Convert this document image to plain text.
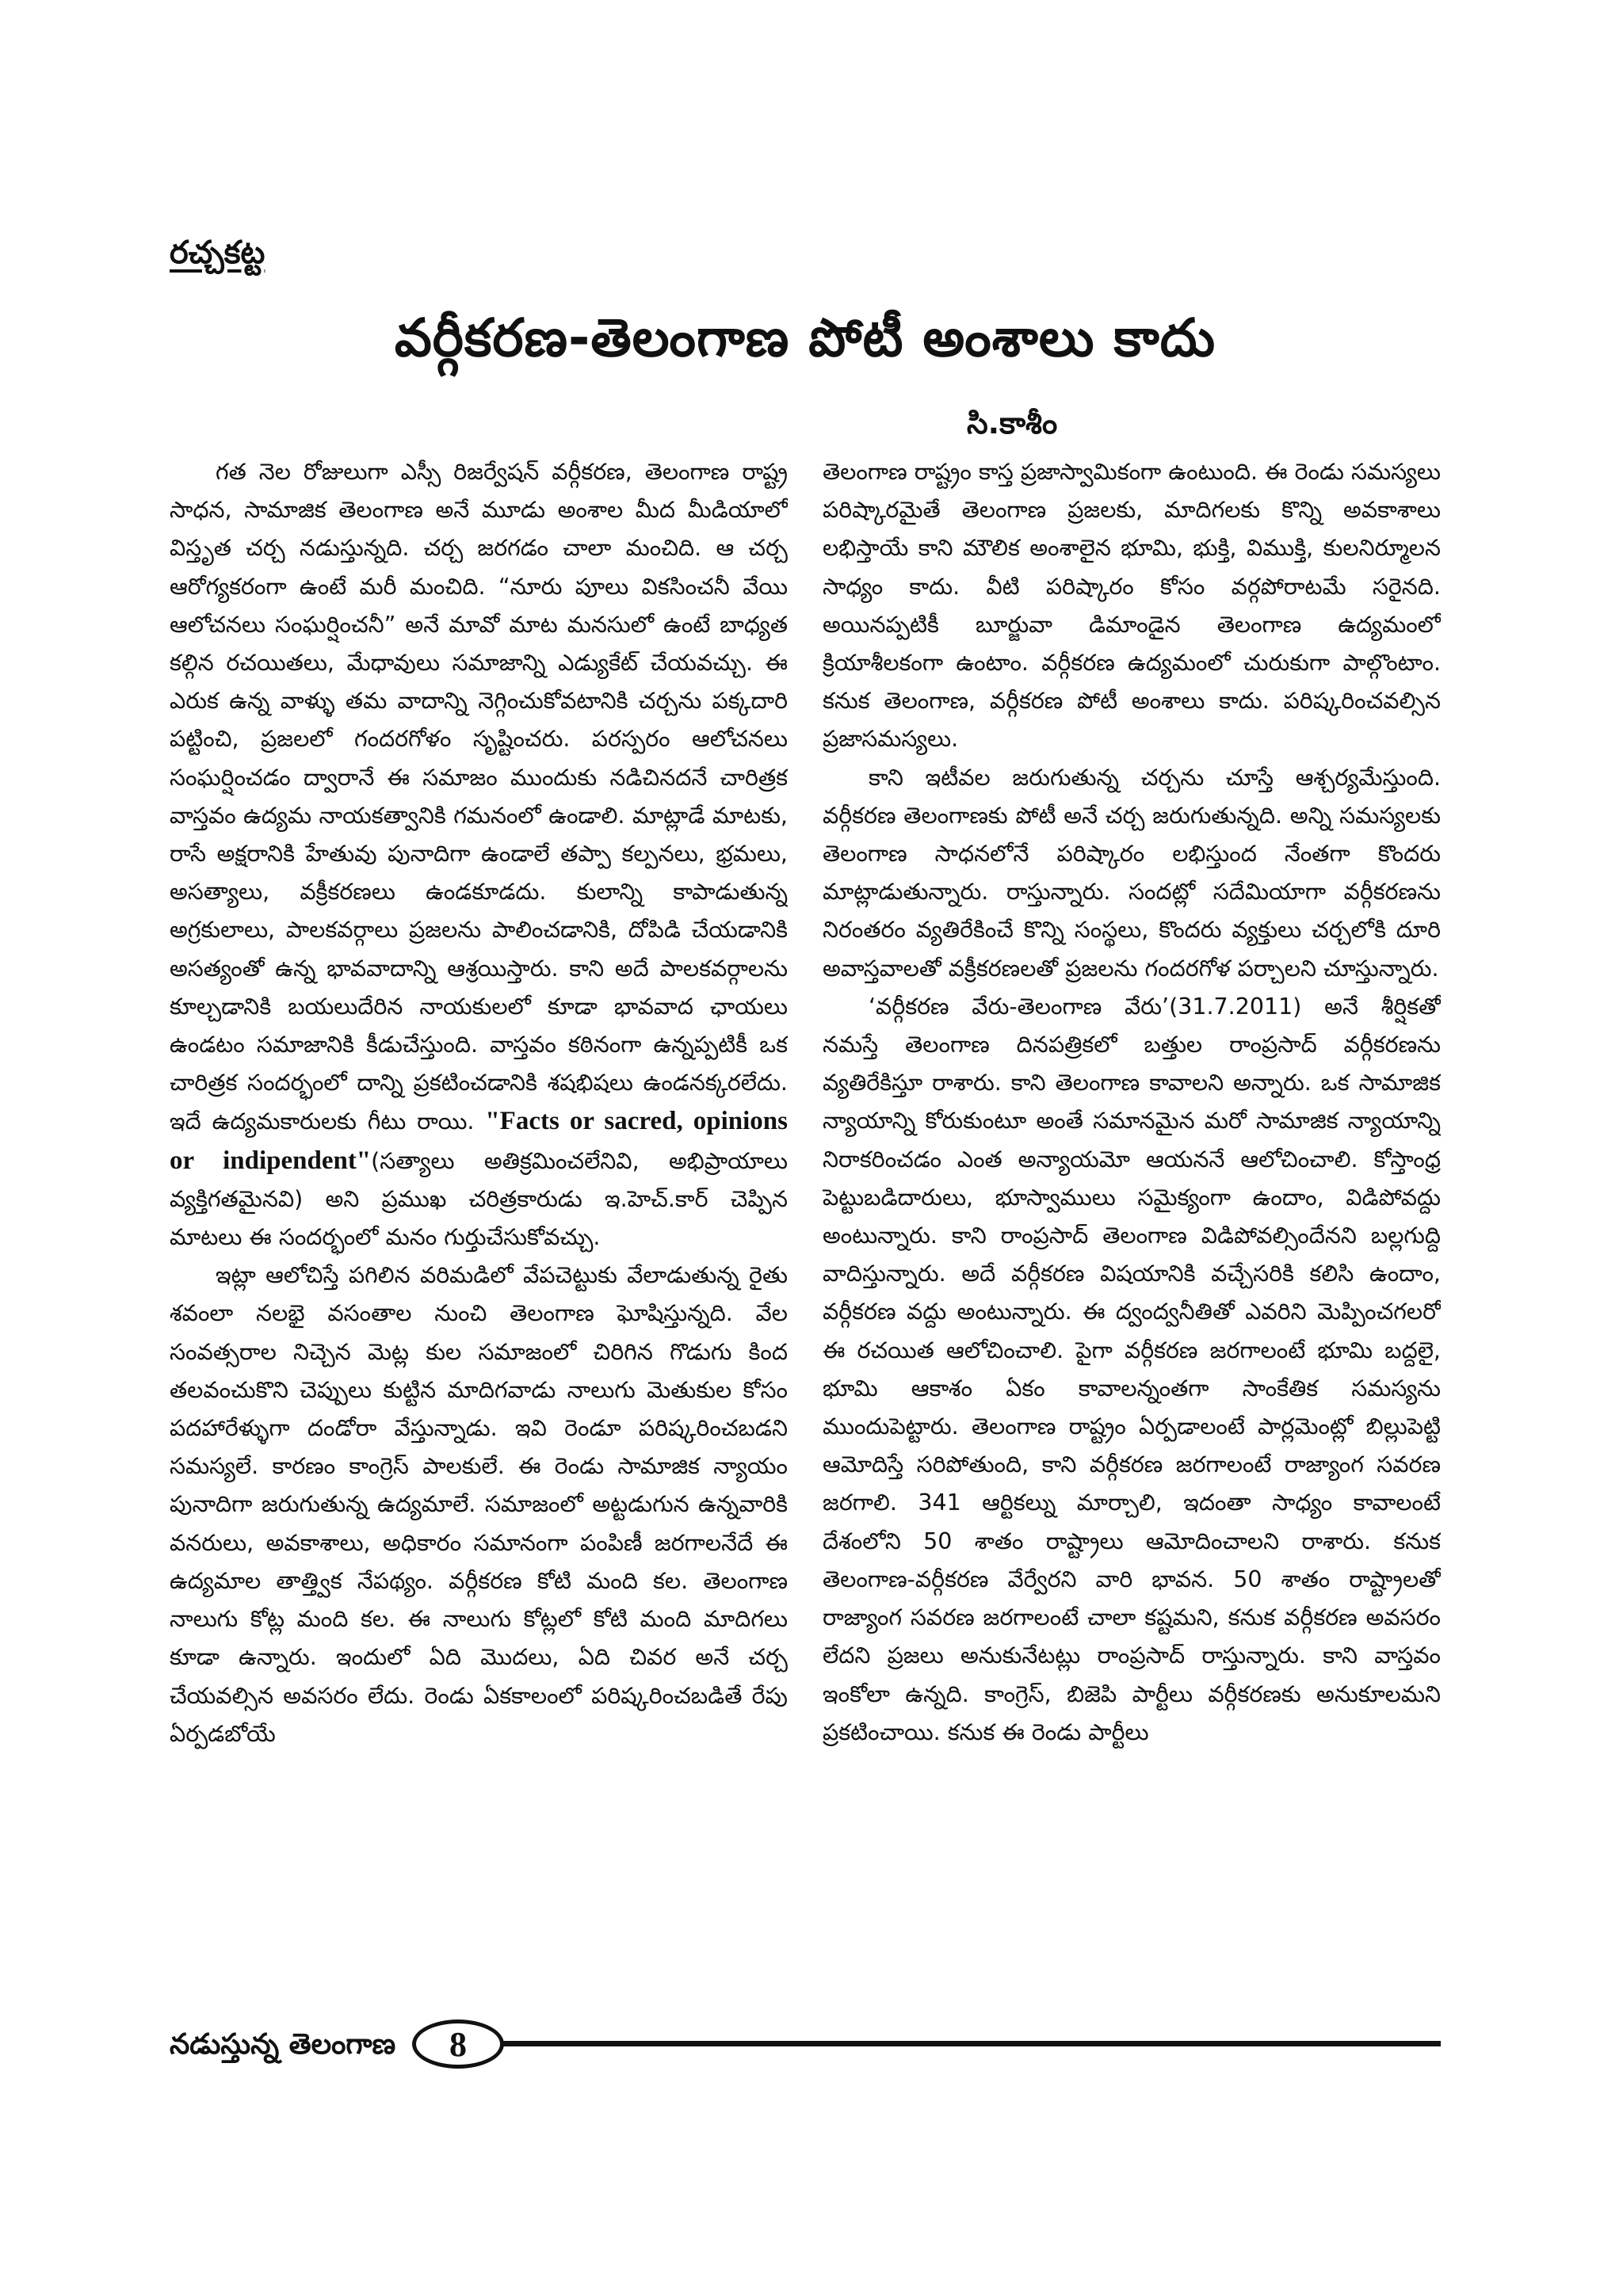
రచ్చకట్ట
వర్గీకరణ-తెలంగాణ పోటీ అంశాలు కాదు
సి.కాశీం

గత నెల రోజులుగా ఎస్సీ రిజర్వేషన్ వర్గీకరణ, తెలంగాణ రాష్ట్ర సాధన, సామాజిక తెలంగాణ అనే మూడు అంశాల మీద మీడియాలో విస్తృత చర్చ నడుస్తున్నది. చర్చ జరగడం చాలా మంచిది. ఆ చర్చ ఆరోగ్యకరంగా ఉంటే మరీ మంచిది. “నూరు పూలు వికసించనీ వేయి ఆలోచనలు సంఘర్షించనీ” అనే మావో మాట మనసులో ఉంటే బాధ్యత కల్గిన రచయితలు, మేధావులు సమాజాన్ని ఎడ్యుకేట్ చేయవచ్చు. ఈ ఎరుక ఉన్న వాళ్ళు తమ వాదాన్ని నెగ్గించుకోవటానికి చర్చను పక్కదారి పట్టించి, ప్రజలలో గందరగోళం సృష్టించరు. పరస్పరం ఆలోచనలు సంఘర్షించడం ద్వారానే ఈ సమాజం ముందుకు నడిచినదనే చారిత్రక వాస్తవం ఉద్యమ నాయకత్వానికి గమనంలో ఉండాలి. మాట్లాడే మాటకు, రాసే అక్షరానికి హేతువు పునాదిగా ఉండాలే తప్పా కల్పనలు, భ్రమలు, అసత్యాలు, వక్రీకరణలు ఉండకూడదు. కులాన్ని కాపాడుతున్న అగ్రకులాలు, పాలకవర్గాలు ప్రజలను పాలించడానికి, దోపిడి చేయడానికి అసత్యంతో ఉన్న భావవాదాన్ని ఆశ్రయిస్తారు. కాని అదే పాలకవర్గాలను కూల్చడానికి బయలుదేరిన నాయకులలో కూడా భావవాద ఛాయలు ఉండటం సమాజానికి కీడుచేస్తుంది. వాస్తవం కఠినంగా ఉన్నప్పటికీ ఒక చారిత్రక సందర్భంలో దాన్ని ప్రకటించడానికి శషభిషలు ఉండనక్కరలేదు. ఇదే ఉద్యమకారులకు గీటు రాయి. "Facts or sacred, opinions or indipendent"(సత్యాలు అతిక్రమించలేనివి, అభిప్రాయాలు వ్యక్తిగతమైనవి) అని ప్రముఖ చరిత్రకారుడు ఇ.హెచ్.కార్ చెప్పిన మాటలు ఈ సందర్భంలో మనం గుర్తుచేసుకోవచ్చు.

ఇట్లా ఆలోచిస్తే పగిలిన వరిమడిలో వేపచెట్టుకు వేలాడుతున్న రైతు శవంలా నలభై వసంతాల నుంచి తెలంగాణ ఘోషిస్తున్నది. వేల సంవత్సరాల నిచ్చెన మెట్ల కుల సమాజంలో చిరిగిన గొడుగు కింద తలవంచుకొని చెప్పులు కుట్టిన మాదిగవాడు నాలుగు మెతుకుల కోసం పదహారేళ్ళుగా దండోరా వేస్తున్నాడు. ఇవి రెండూ పరిష్కరించబడని సమస్యలే. కారణం కాంగ్రెస్ పాలకులే. ఈ రెండు సామాజిక న్యాయం పునాదిగా జరుగుతున్న ఉద్యమాలే. సమాజంలో అట్టడుగున ఉన్నవారికి వనరులు, అవకాశాలు, అధికారం సమానంగా పంపిణీ జరగాలనేదే ఈ ఉద్యమాల తాత్త్విక నేపథ్యం. వర్గీకరణ కోటి మంది కల. తెలంగాణ నాలుగు కోట్ల మంది కల. ఈ నాలుగు కోట్లలో కోటి మంది మాదిగలు కూడా ఉన్నారు. ఇందులో ఏది మొదలు, ఏది చివర అనే చర్చ చేయవల్సిన అవసరం లేదు. రెండు ఏకకాలంలో పరిష్కరించబడితే రేపు ఏర్పడబోయే

తెలంగాణ రాష్ట్రం కాస్త ప్రజాస్వామికంగా ఉంటుంది. ఈ రెండు సమస్యలు పరిష్కారమైతే తెలంగాణ ప్రజలకు, మాదిగలకు కొన్ని అవకాశాలు లభిస్తాయే కాని మౌలిక అంశాలైన భూమి, భుక్తి, విముక్తి, కులనిర్మూలన సాధ్యం కాదు. వీటి పరిష్కారం కోసం వర్గపోరాటమే సరైనది. అయినప్పటికీ బూర్జువా డిమాండైన తెలంగాణ ఉద్యమంలో క్రియాశీలకంగా ఉంటాం. వర్గీకరణ ఉద్యమంలో చురుకుగా పాల్గొంటాం. కనుక తెలంగాణ, వర్గీకరణ పోటీ అంశాలు కాదు. పరిష్కరించవల్సిన ప్రజాసమస్యలు.

కాని ఇటీవల జరుగుతున్న చర్చను చూస్తే ఆశ్చర్యమేస్తుంది. వర్గీకరణ తెలంగాణకు పోటీ అనే చర్చ జరుగుతున్నది. అన్ని సమస్యలకు తెలంగాణ సాధనలోనే పరిష్కారం లభిస్తుంద నేంతగా కొందరు మాట్లాడుతున్నారు. రాస్తున్నారు. సందట్లో సదేమియాగా వర్గీకరణను నిరంతరం వ్యతిరేకించే కొన్ని సంస్థలు, కొందరు వ్యక్తులు చర్చలోకి దూరి అవాస్తవాలతో వక్రీకరణలతో ప్రజలను గందరగోళ పర్చాలని చూస్తున్నారు.

‘వర్గీకరణ వేరు-తెలంగాణ వేరు’(31.7.2011) అనే శీర్షికతో నమస్తే తెలంగాణ దినపత్రికలో బత్తుల రాంప్రసాద్ వర్గీకరణను వ్యతిరేకిస్తూ రాశారు. కాని తెలంగాణ కావాలని అన్నారు. ఒక సామాజిక న్యాయాన్ని కోరుకుంటూ అంతే సమానమైన మరో సామాజిక న్యాయాన్ని నిరాకరించడం ఎంత అన్యాయమో ఆయననే ఆలోచించాలి. కోస్తాంధ్ర పెట్టుబడిదారులు, భూస్వాములు సమైక్యంగా ఉందాం, విడిపోవద్దు అంటున్నారు. కాని రాంప్రసాద్ తెలంగాణ విడిపోవల్సిందేనని బల్లగుద్ది వాదిస్తున్నారు. అదే వర్గీకరణ విషయానికి వచ్చేసరికి కలిసి ఉందాం, వర్గీకరణ వద్దు అంటున్నారు. ఈ ద్వంద్వనీతితో ఎవరిని మెప్పించగలరో ఈ రచయిత ఆలోచించాలి. పైగా వర్గీకరణ జరగాలంటే భూమి బద్దలై, భూమి ఆకాశం ఏకం కావాలన్నంతగా సాంకేతిక సమస్యను ముందుపెట్టారు. తెలంగాణ రాష్ట్రం ఏర్పడాలంటే పార్లమెంట్లో బిల్లుపెట్టి ఆమోదిస్తే సరిపోతుంది, కాని వర్గీకరణ జరగాలంటే రాజ్యాంగ సవరణ జరగాలి. 341 ఆర్టికల్ను మార్చాలి, ఇదంతా సాధ్యం కావాలంటే దేశంలోని 50 శాతం రాష్ట్రాలు ఆమోదించాలని రాశారు. కనుక తెలంగాణ-వర్గీకరణ వేర్వేరని వారి భావన. 50 శాతం రాష్ట్రాలతో రాజ్యాంగ సవరణ జరగాలంటే చాలా కష్టమని, కనుక వర్గీకరణ అవసరం లేదని ప్రజలు అనుకునేటట్లు రాంప్రసాద్ రాస్తున్నారు. కాని వాస్తవం ఇంకోలా ఉన్నది. కాంగ్రెస్, బిజెపి పార్టీలు వర్గీకరణకు అనుకూలమని ప్రకటించాయి. కనుక ఈ రెండు పార్టీలు

నడుస్తున్న తెలంగాణ 8
